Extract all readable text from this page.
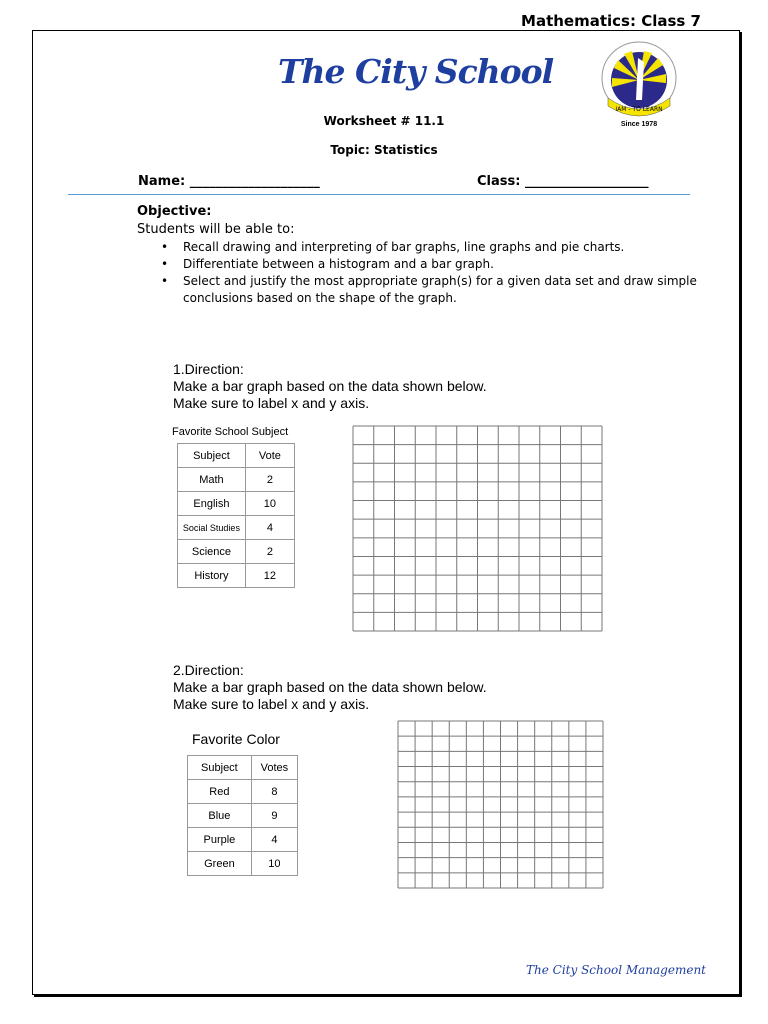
Mathematics: Class 7
The City School
IAM - TO LEARN
Since 1978
Worksheet # 11.1
Topic: Statistics
Name: ____________________	Class: ___________________
Objective:
Students will be able to:
• Recall drawing and interpreting of bar graphs, line graphs and pie charts.
• Differentiate between a histogram and a bar graph.
• Select and justify the most appropriate graph(s) for a given data set and draw simple conclusions based on the shape of the graph.
1.Direction:
Make a bar graph based on the data shown below.
Make sure to label x and y axis.
Favorite School Subject
Subject	Vote
Math	2
English	10
Social Studies	4
Science	2
History	12
2.Direction:
Make a bar graph based on the data shown below.
Make sure to label x and y axis.
Favorite Color
Subject	Votes
Red	8
Blue	9
Purple	4
Green	10
The City School Management
